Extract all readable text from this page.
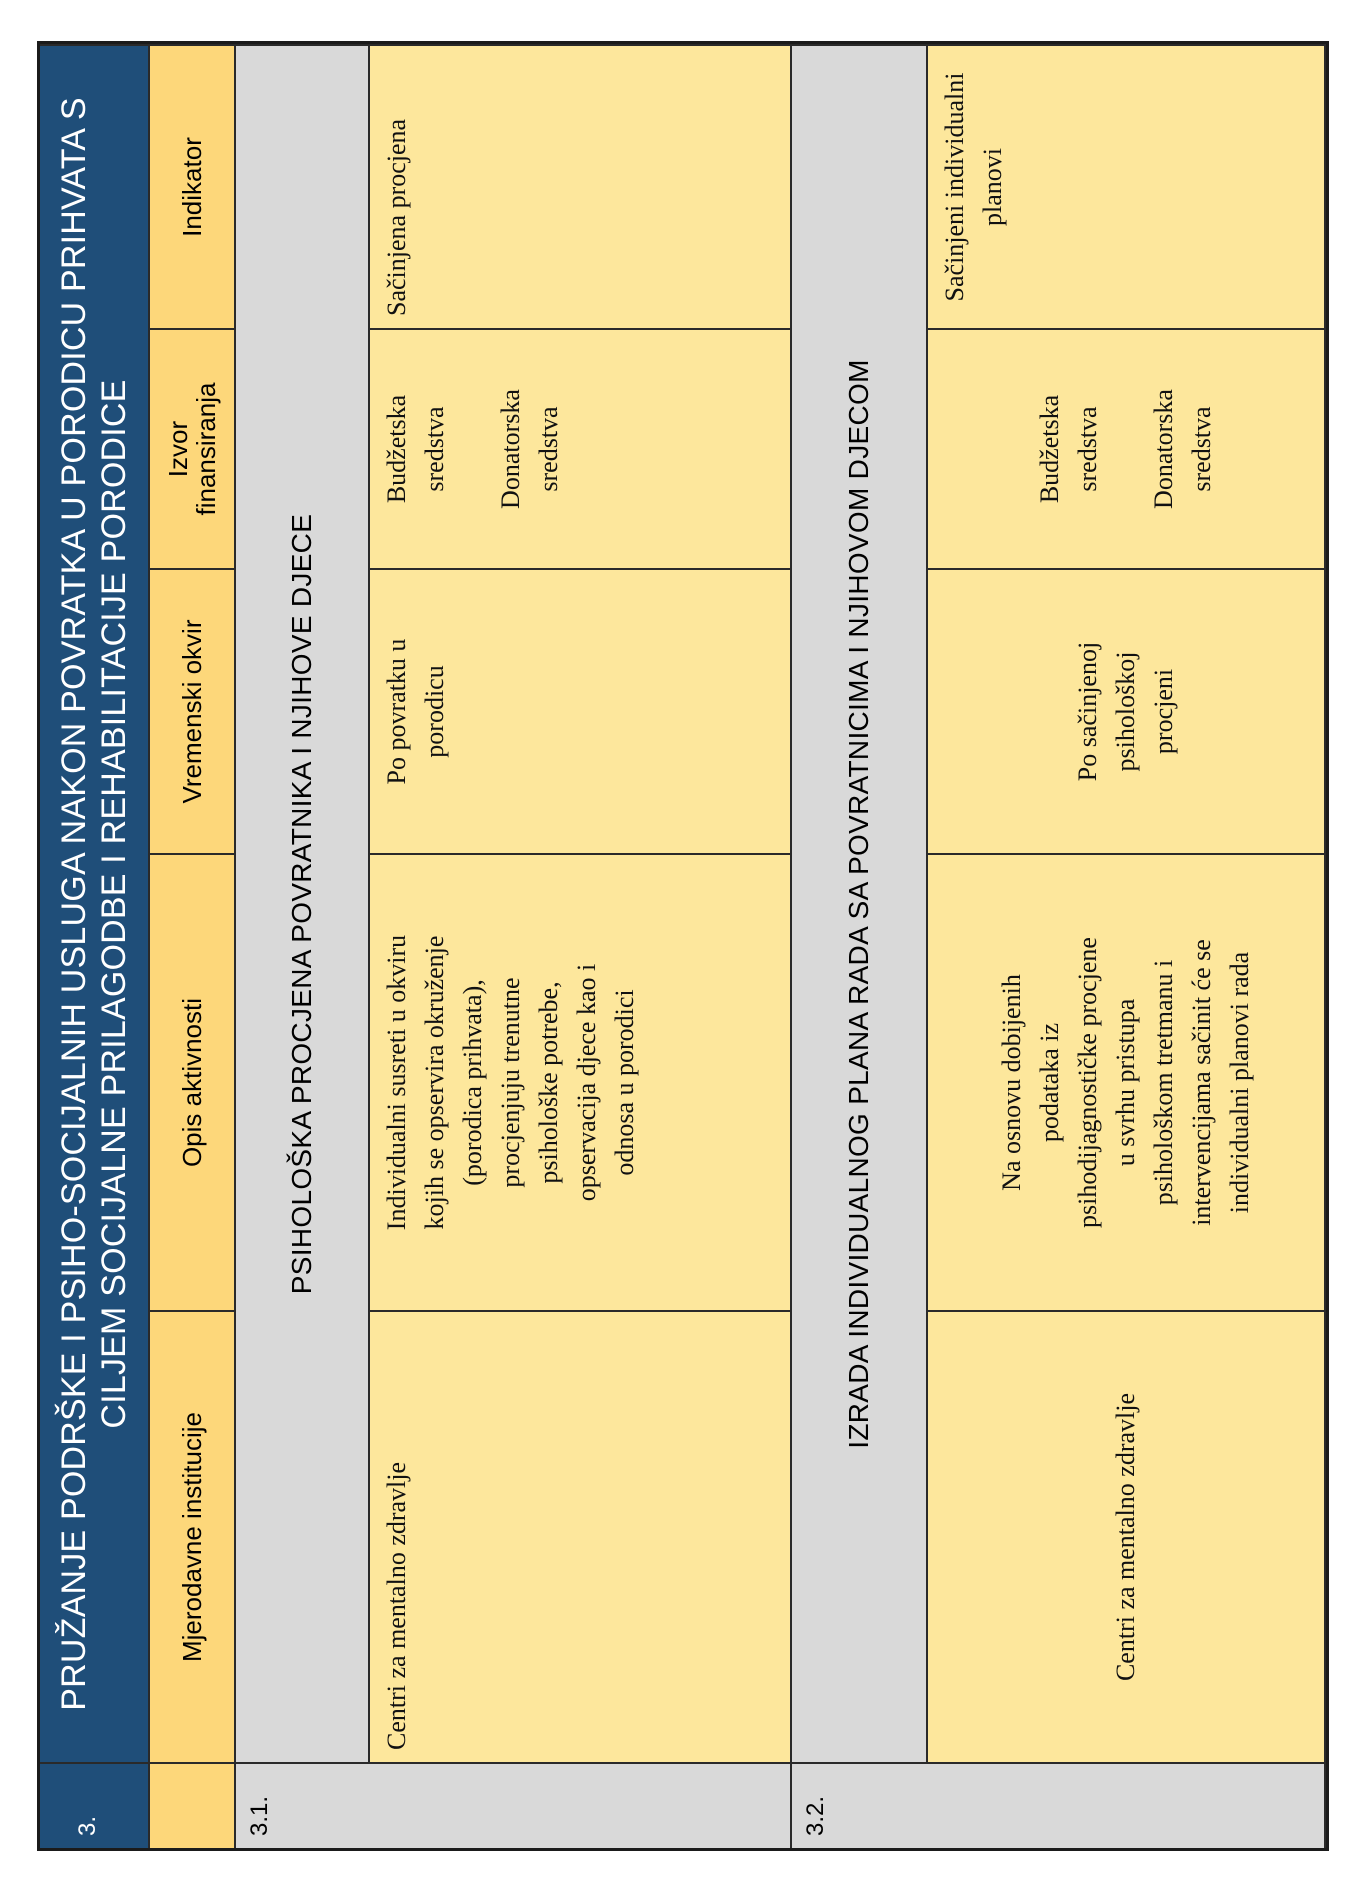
3.
PRUŽANJE PODRŠKE I PSIHO-SOCIJALNIH USLUGA NAKON POVRATKA U PORODICU PRIHVATA S CILJEM SOCIJALNE PRILAGODBE I REHABILITACIJE PORODICE
Mjerodavne institucije
Opis aktivnosti
Vremenski okvir
Izvor
finansiranja
Indikator
3.1.
PSIHOLOŠKA PROCJENA POVRATNIKA I NJIHOVE DJECE
Centri za mentalno zdravlje
Individualni susreti u okviru kojih se opservira okruženje (porodica prihvata), procjenjuju trenutne psihološke potrebe, opservacija djece kao i odnosa u porodici
Po povratku u porodicu
Budžetska sredstva Donatorska sredstva
Sačinjena procjena
3.2.
IZRADA INDIVIDUALNOG PLANA RADA SA POVRATNICIMA I NJIHOVOM DJECOM
Centri za mentalno zdravlje
Na osnovu dobijenih podataka iz psihodijagnostičke procjene u svrhu pristupa psihološkom tretmanu i intervencijama sačinit će se individualni planovi rada
Po sačinjenoj psihološkoj procjeni
Budžetska sredstva Donatorska sredstva
Sačinjeni individualni planovi
